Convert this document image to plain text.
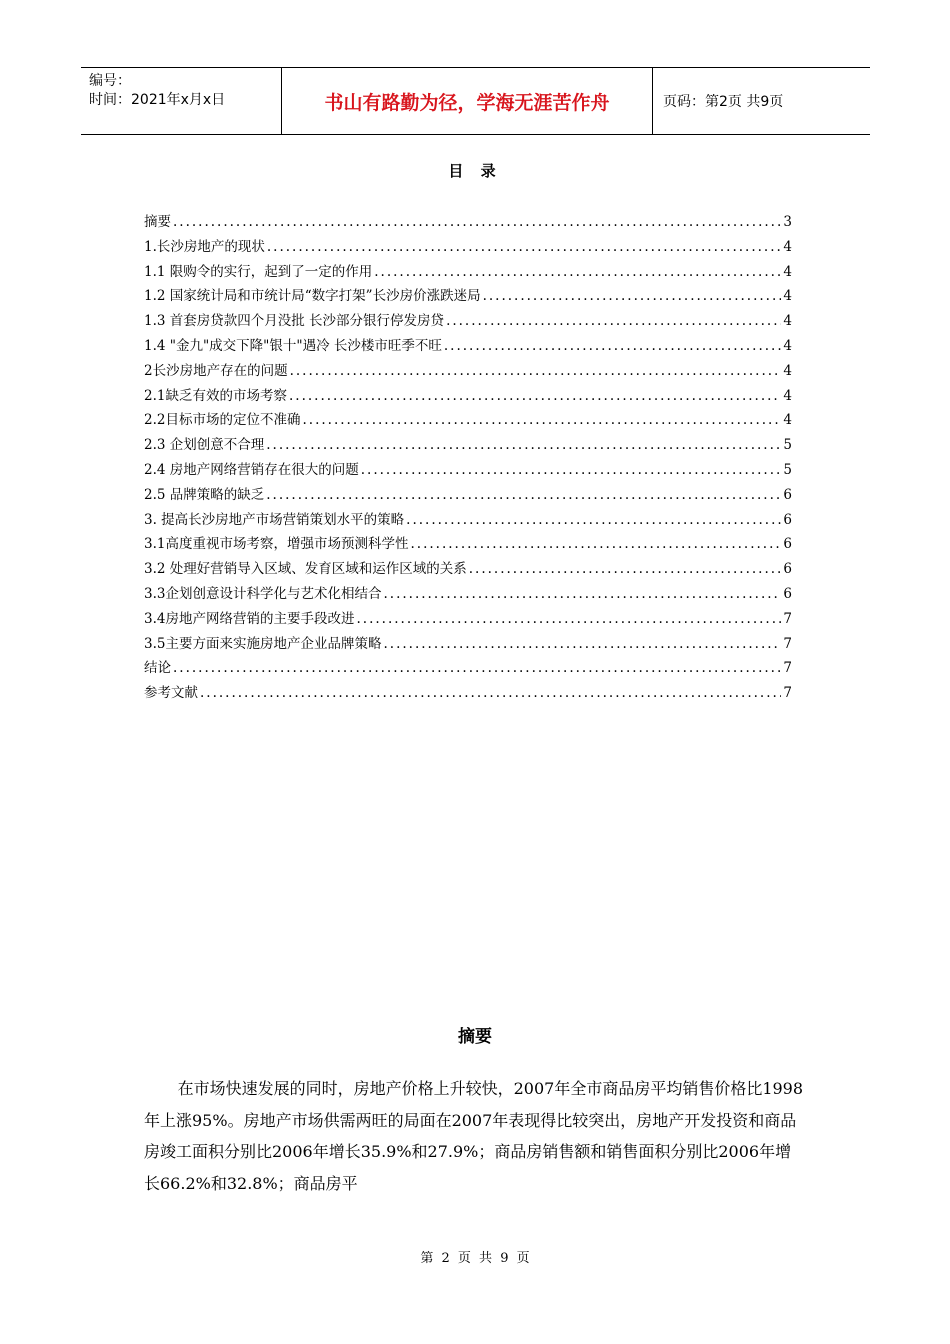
编号：
时间：2021年x月x日	书山有路勤为径，学海无涯苦作舟	页码：第2页 共9页
目 录
摘要 .....	3
1.长沙房地产的现状 .....	4
1.1 限购令的实行，起到了一定的作用 .....	4
1.2 国家统计局和市统计局“数字打架”长沙房价涨跌迷局 .....	4
1.3 首套房贷款四个月没批 长沙部分银行停发房贷 .....	4
1.4 "金九"成交下降"银十"遇冷 长沙楼市旺季不旺 .....	4
2长沙房地产存在的问题 .....	4
2.1缺乏有效的市场考察 .....	4
2.2目标市场的定位不准确 .....	4
2.3 企划创意不合理 .....	5
2.4 房地产网络营销存在很大的问题 .....	5
2.5 品牌策略的缺乏 .....	6
3. 提高长沙房地产市场营销策划水平的策略 .....	6
3.1高度重视市场考察，增强市场预测科学性 .....	6
3.2 处理好营销导入区域、发育区域和运作区域的关系 .....	6
3.3企划创意设计科学化与艺术化相结合 .....	6
3.4房地产网络营销的主要手段改进 .....	7
3.5主要方面来实施房地产企业品牌策略 .....	7
结论 .....	7
参考文献 .....	7
摘要

在市场快速发展的同时，房地产价格上升较快，2007年全市商品房平均销售价格比1998年上涨95%。房地产市场供需两旺的局面在2007年表现得比较突出，房地产开发投资和商品房竣工面积分别比2006年增长35.9%和27.9%；商品房销售额和销售面积分别比2006年增长66.2%和32.8%；商品房平

第 2 页 共 9 页
